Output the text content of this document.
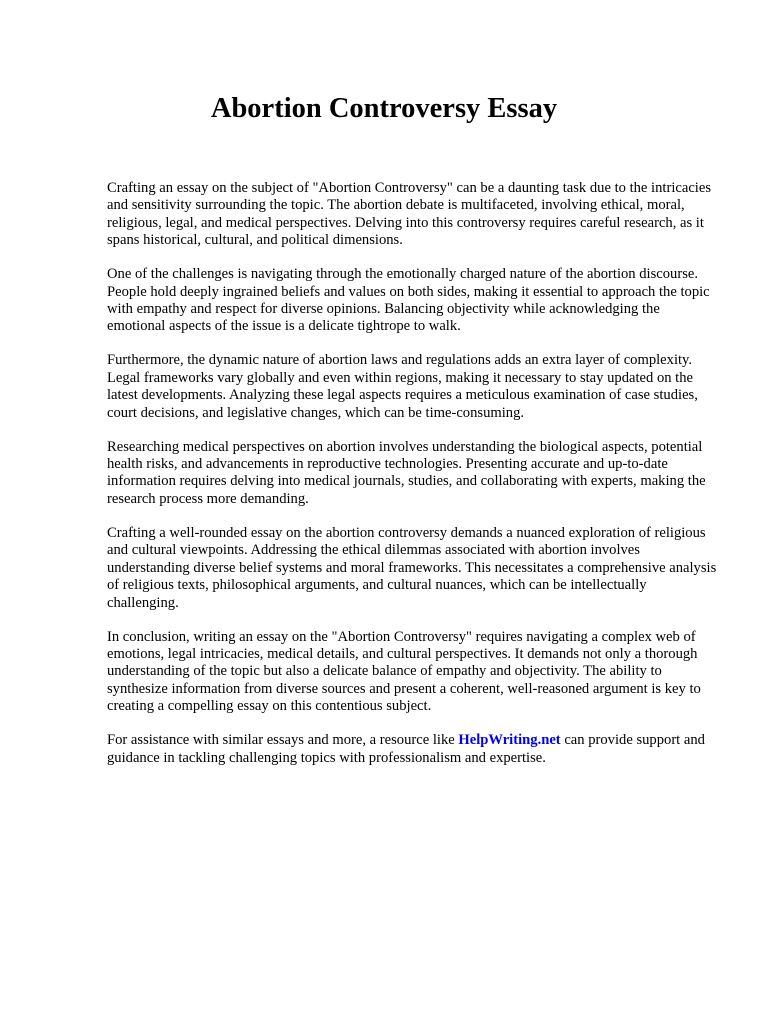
Abortion Controversy Essay

Crafting an essay on the subject of "Abortion Controversy" can be a daunting task due to the intricacies and sensitivity surrounding the topic. The abortion debate is multifaceted, involving ethical, moral, religious, legal, and medical perspectives. Delving into this controversy requires careful research, as it spans historical, cultural, and political dimensions.

One of the challenges is navigating through the emotionally charged nature of the abortion discourse. People hold deeply ingrained beliefs and values on both sides, making it essential to approach the topic with empathy and respect for diverse opinions. Balancing objectivity while acknowledging the emotional aspects of the issue is a delicate tightrope to walk.

Furthermore, the dynamic nature of abortion laws and regulations adds an extra layer of complexity. Legal frameworks vary globally and even within regions, making it necessary to stay updated on the latest developments. Analyzing these legal aspects requires a meticulous examination of case studies, court decisions, and legislative changes, which can be time-consuming.

Researching medical perspectives on abortion involves understanding the biological aspects, potential health risks, and advancements in reproductive technologies. Presenting accurate and up-to-date information requires delving into medical journals, studies, and collaborating with experts, making the research process more demanding.

Crafting a well-rounded essay on the abortion controversy demands a nuanced exploration of religious and cultural viewpoints. Addressing the ethical dilemmas associated with abortion involves understanding diverse belief systems and moral frameworks. This necessitates a comprehensive analysis of religious texts, philosophical arguments, and cultural nuances, which can be intellectually challenging.

In conclusion, writing an essay on the "Abortion Controversy" requires navigating a complex web of emotions, legal intricacies, medical details, and cultural perspectives. It demands not only a thorough understanding of the topic but also a delicate balance of empathy and objectivity. The ability to synthesize information from diverse sources and present a coherent, well-reasoned argument is key to creating a compelling essay on this contentious subject.

For assistance with similar essays and more, a resource like HelpWriting.net can provide support and guidance in tackling challenging topics with professionalism and expertise.
